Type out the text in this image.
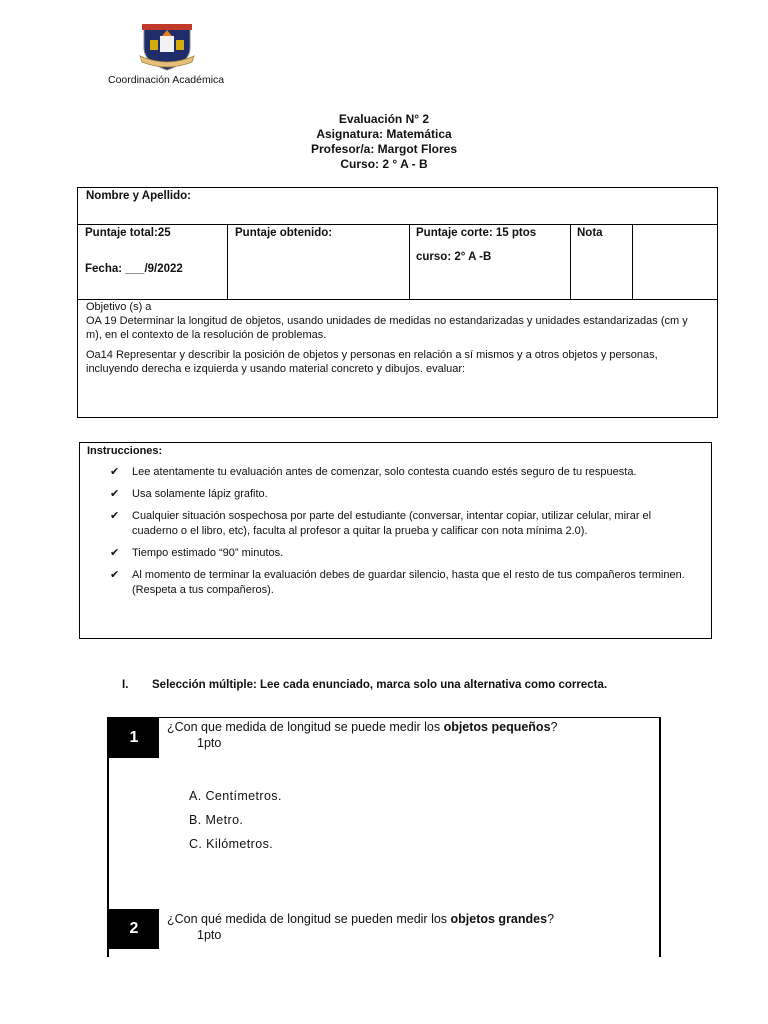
Coordinación Académica
Evaluación N° 2
Asignatura: Matemática
Profesor/a: Margot Flores
Curso: 2 ° A - B
Nombre y Apellido:
Puntaje total:25
Fecha: ___/9/2022
Puntaje obtenido:	Puntaje corte: 15 ptos
curso: 2° A -B
Nota
Objetivo (s) a

OA 19 Determinar la longitud de objetos, usando unidades de medidas no estandarizadas y unidades estandarizadas (cm y m), en el contexto de la resolución de problemas.

Oa14 Representar y describir la posición de objetos y personas en relación a sí mismos y a otros objetos y personas, incluyendo derecha e izquierda y usando material concreto y dibujos. evaluar:

Instrucciones:
✔ Lee atentamente tu evaluación antes de comenzar, solo contesta cuando estés seguro de tu respuesta.
✔ Usa solamente lápiz grafito.
✔ Cualquier situación sospechosa por parte del estudiante (conversar, intentar copiar, utilizar celular, mirar el cuaderno o el libro, etc), faculta al profesor a quitar la prueba y calificar con nota mínima 2.0).
✔ Tiempo estimado “90” minutos.
✔ Al momento de terminar la evaluación debes de guardar silencio, hasta que el resto de tus compañeros terminen. (Respeta a tus compañeros).
I. Selección múltiple: Lee cada enunciado, marca solo una alternativa como correcta.
1
¿Con que medida de longitud se puede medir los objetos pequeños?
1pto
A. Centímetros.
B. Metro.
C. Kilómetros.
2
¿Con qué medida de longitud se pueden medir los objetos grandes?
1pto
